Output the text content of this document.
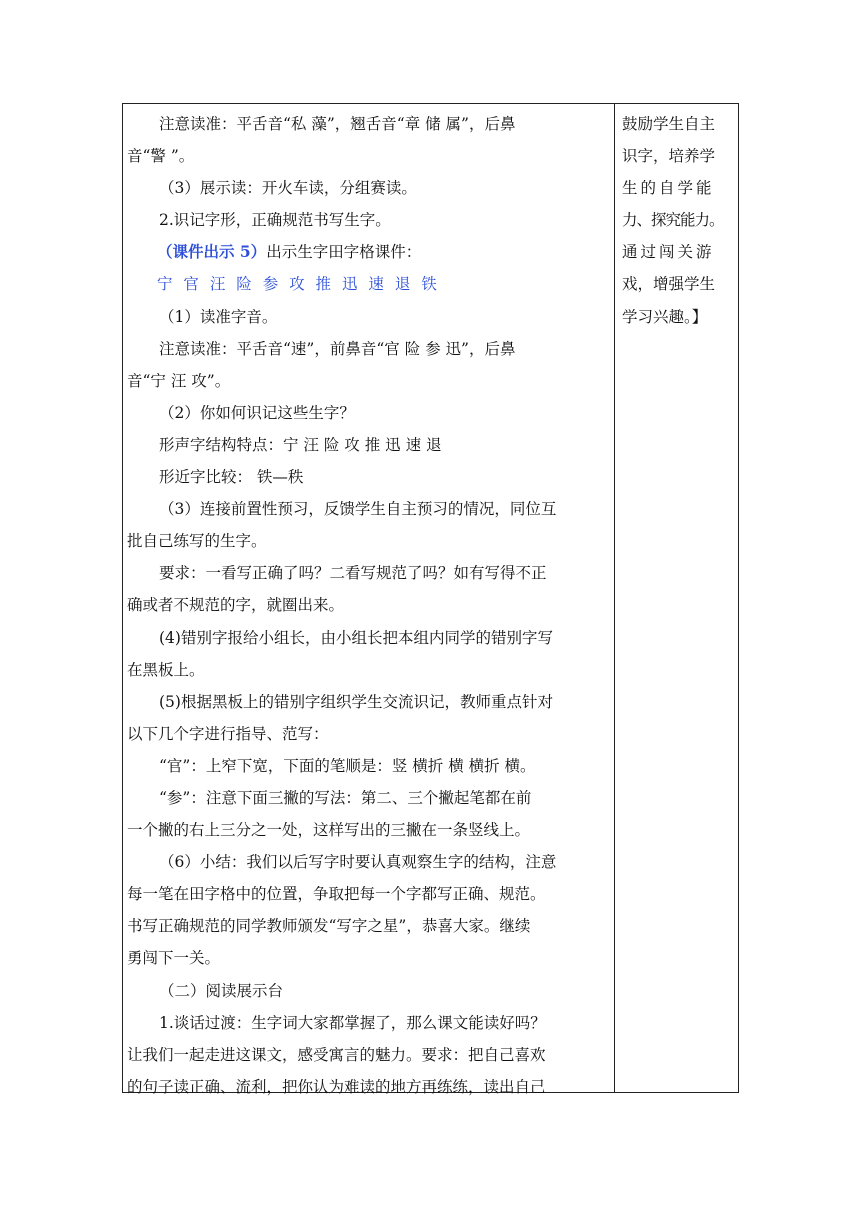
注意读准：平舌音“私 藻”，翘舌音“章 储 属”，后鼻
音“警 ”。
（3）展示读：开火车读，分组赛读。
2.识记字形，正确规范书写生字。
（课件出示 5）出示生字田字格课件：
宁 官 汪 险 参 攻 推 迅 速 退 铁
（1）读准字音。
注意读准：平舌音“速”，前鼻音“官 险 参 迅”，后鼻
音“宁 汪 攻”。
（2）你如何识记这些生字？
形声字结构特点：宁 汪 险 攻 推 迅 速 退
形近字比较： 铁—秩
（3）连接前置性预习，反馈学生自主预习的情况，同位互
批自己练写的生字。
要求：一看写正确了吗？二看写规范了吗？如有写得不正
确或者不规范的字，就圈出来。
(4)错别字报给小组长，由小组长把本组内同学的错别字写
在黑板上。
(5)根据黑板上的错别字组织学生交流识记，教师重点针对
以下几个字进行指导、范写：
“官”：上窄下宽，下面的笔顺是：竖 横折 横 横折 横。
“参”：注意下面三撇的写法：第二、三个撇起笔都在前
一个撇的右上三分之一处，这样写出的三撇在一条竖线上。
（6）小结：我们以后写字时要认真观察生字的结构，注意
每一笔在田字格中的位置，争取把每一个字都写正确、规范。
书写正确规范的同学教师颁发“写字之星”，恭喜大家。继续
勇闯下一关。
（二）阅读展示台
1.谈话过渡：生字词大家都掌握了，那么课文能读好吗？
让我们一起走进这课文，感受寓言的魅力。要求：把自己喜欢
的句子读正确、流利，把你认为难读的地方再练练，读出自己
鼓励学生自主
识字，培养学
生的自学能
力、探究能力。
通过闯关游
戏，增强学生
学习兴趣。】
